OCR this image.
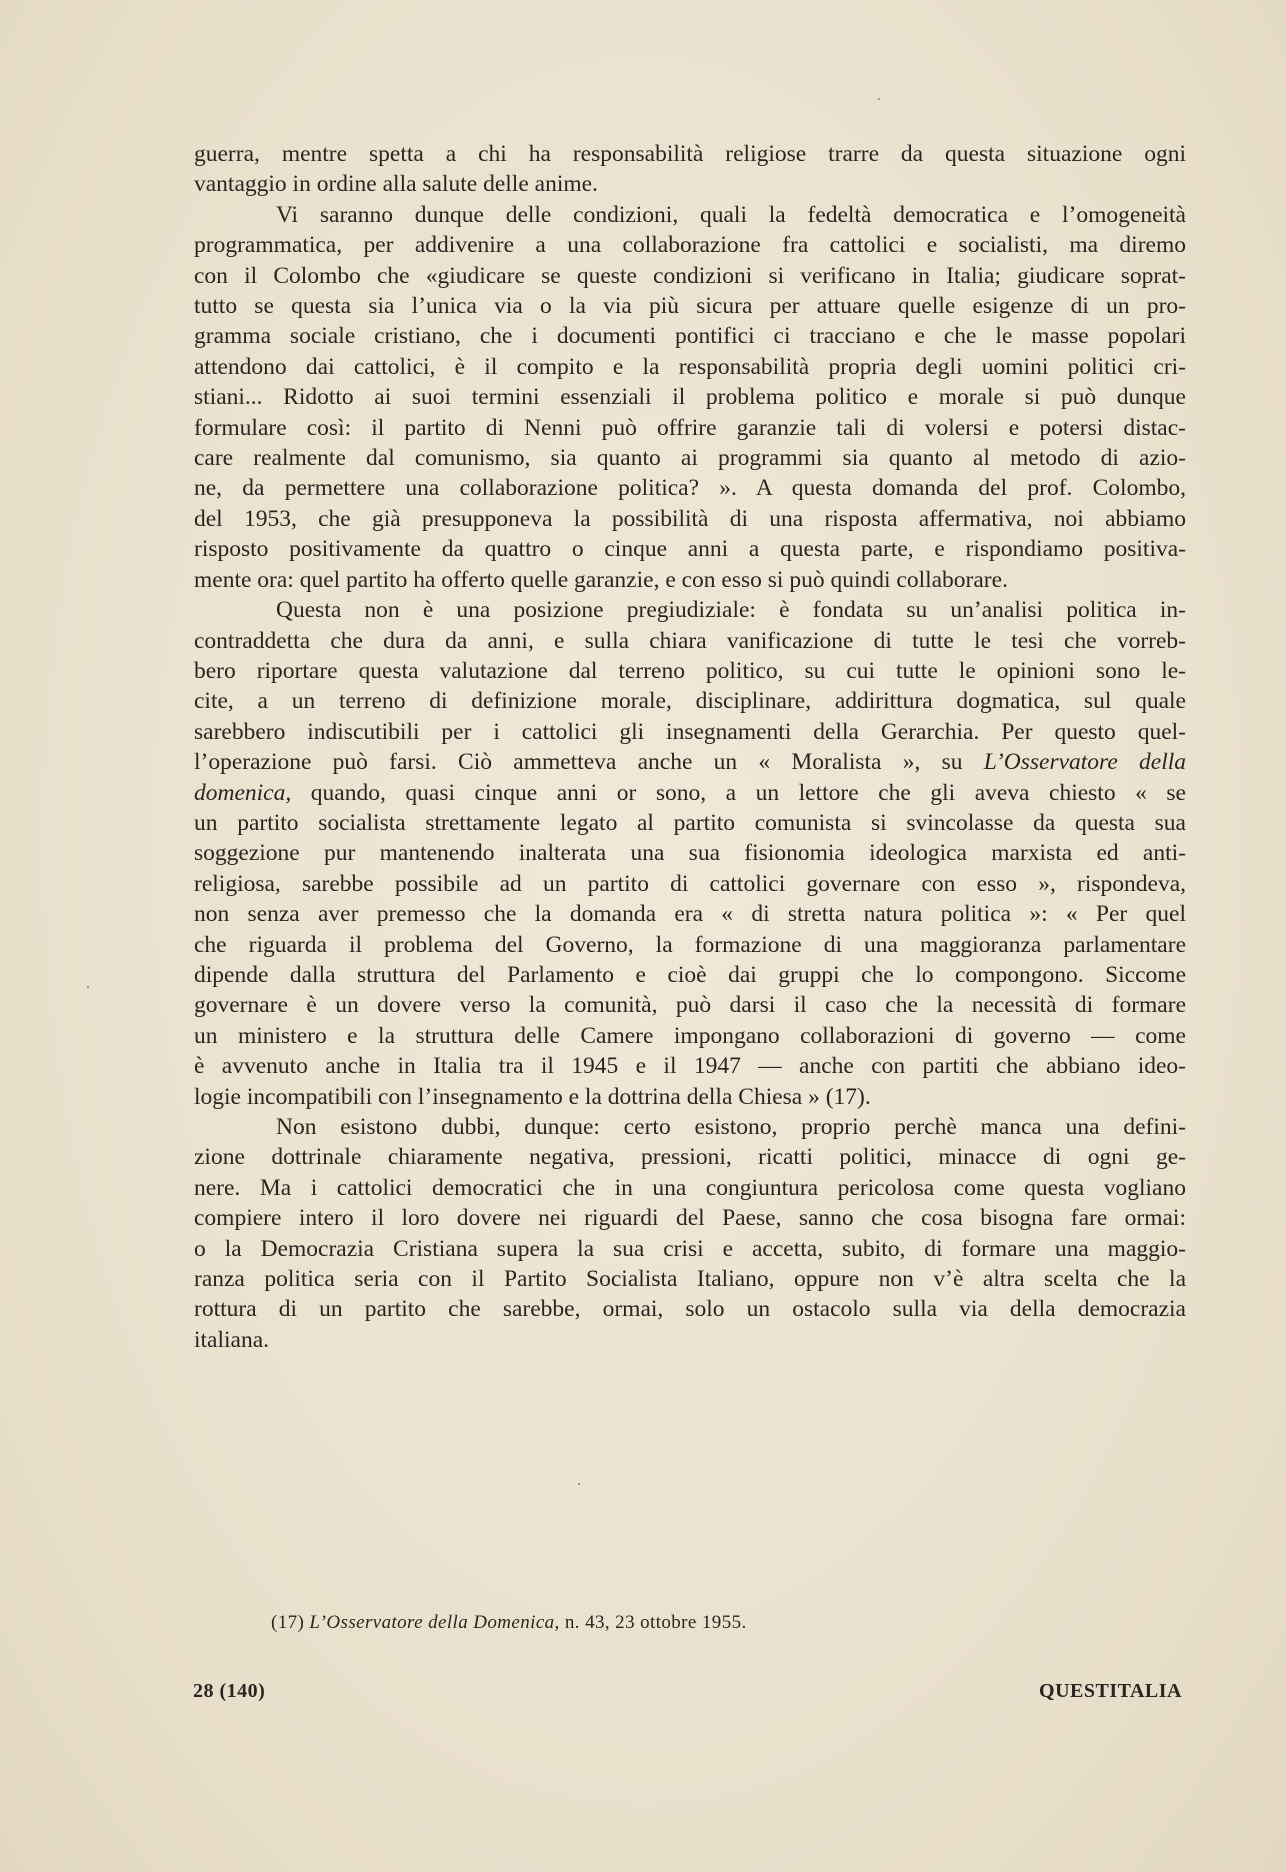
guerra, mentre spetta a chi ha responsabilità religiose trarre da questa situazione ogni
vantaggio in ordine alla salute delle anime.

Vi saranno dunque delle condizioni, quali la fedeltà democratica e l’omogeneità
programmatica, per addivenire a una collaborazione fra cattolici e socialisti, ma diremo
con il Colombo che «giudicare se queste condizioni si verificano in Italia; giudicare soprat-
tutto se questa sia l’unica via o la via più sicura per attuare quelle esigenze di un pro-
gramma sociale cristiano, che i documenti pontifici ci tracciano e che le masse popolari
attendono dai cattolici, è il compito e la responsabilità propria degli uomini politici cri-
stiani... Ridotto ai suoi termini essenziali il problema politico e morale si può dunque
formulare così: il partito di Nenni può offrire garanzie tali di volersi e potersi distac-
care realmente dal comunismo, sia quanto ai programmi sia quanto al metodo di azio-
ne, da permettere una collaborazione politica? ». A questa domanda del prof. Colombo,
del 1953, che già presupponeva la possibilità di una risposta affermativa, noi abbiamo
risposto positivamente da quattro o cinque anni a questa parte, e rispondiamo positiva-
mente ora: quel partito ha offerto quelle garanzie, e con esso si può quindi collaborare.

Questa non è una posizione pregiudiziale: è fondata su un’analisi politica in-
contraddetta che dura da anni, e sulla chiara vanificazione di tutte le tesi che vorreb-
bero riportare questa valutazione dal terreno politico, su cui tutte le opinioni sono le-
cite, a un terreno di definizione morale, disciplinare, addirittura dogmatica, sul quale
sarebbero indiscutibili per i cattolici gli insegnamenti della Gerarchia. Per questo quel-
l’operazione può farsi. Ciò ammetteva anche un « Moralista », su L’Osservatore della
domenica, quando, quasi cinque anni or sono, a un lettore che gli aveva chiesto « se
un partito socialista strettamente legato al partito comunista si svincolasse da questa sua
soggezione pur mantenendo inalterata una sua fisionomia ideologica marxista ed anti-
religiosa, sarebbe possibile ad un partito di cattolici governare con esso », rispondeva,
non senza aver premesso che la domanda era « di stretta natura politica »: « Per quel
che riguarda il problema del Governo, la formazione di una maggioranza parlamentare
dipende dalla struttura del Parlamento e cioè dai gruppi che lo compongono. Siccome
governare è un dovere verso la comunità, può darsi il caso che la necessità di formare
un ministero e la struttura delle Camere impongano collaborazioni di governo — come
è avvenuto anche in Italia tra il 1945 e il 1947 — anche con partiti che abbiano ideo-
logie incompatibili con l’insegnamento e la dottrina della Chiesa » (17).

Non esistono dubbi, dunque: certo esistono, proprio perchè manca una defini-
zione dottrinale chiaramente negativa, pressioni, ricatti politici, minacce di ogni ge-
nere. Ma i cattolici democratici che in una congiuntura pericolosa come questa vogliano
compiere intero il loro dovere nei riguardi del Paese, sanno che cosa bisogna fare ormai:
o la Democrazia Cristiana supera la sua crisi e accetta, subito, di formare una maggio-
ranza politica seria con il Partito Socialista Italiano, oppure non v’è altra scelta che la
rottura di un partito che sarebbe, ormai, solo un ostacolo sulla via della democrazia
italiana.

(17) L’Osservatore della Domenica, n. 43, 23 ottobre 1955.
28 (140)	QUESTITALIA
